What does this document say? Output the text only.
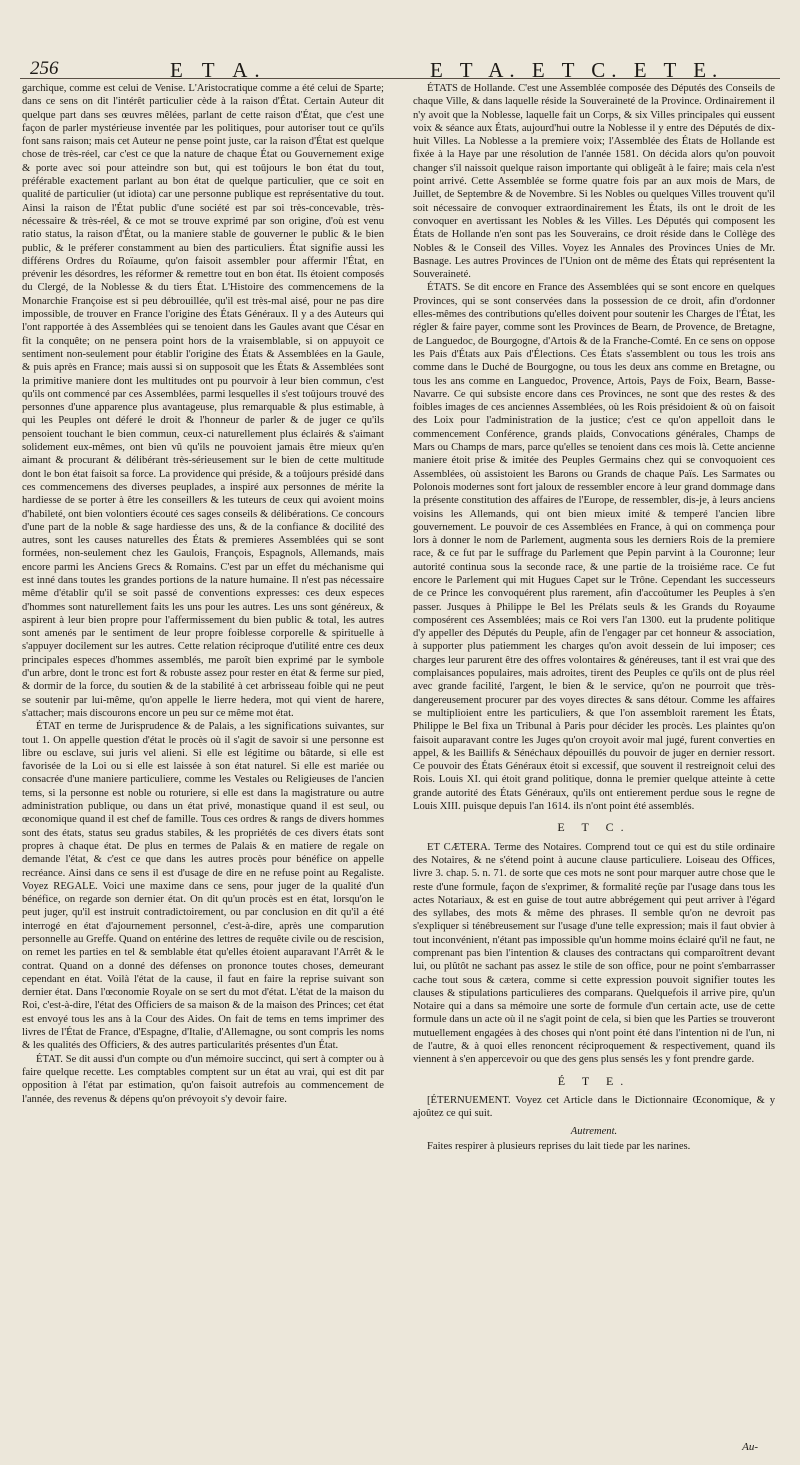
256	E T A.	E T A. E T C. E T E.

garchique, comme est celui de Venise. L'Aristocratique comme a été celui de Sparte; dans ce sens on dit l'intérêt particulier cède à la raison d'État. Certain Auteur dit quelque part dans ses œuvres mêlées, parlant de cette raison d'État, que c'est une façon de parler mystérieuse inventée par les politiques, pour autoriser tout ce qu'ils font sans raison; mais cet Auteur ne pense point juste, car la raison d'État est quelque chose de très-réel, car c'est ce que la nature de chaque État ou Gouvernement exige & porte avec soi pour atteindre son but, qui est toûjours le bon état du tout, préférable exactement parlant au bon état de quelque particulier, que ce soit en qualité de particulier (ut idiota) car une personne publique est représentative du tout. Ainsi la raison de l'État public d'une société est par soi très-concevable, très-nécessaire & très-réel, & ce mot se trouve exprimé par son origine, d'où est venu ratio status, la raison d'État, ou la maniere stable de gouverner le public & le bien public, & le préferer constamment au bien des particuliers. État signifie aussi les différens Ordres du Roïaume, qu'on faisoit assembler pour affermir l'État, en prévenir les désordres, les réformer & remettre tout en bon état. Ils étoient composés du Clergé, de la Noblesse & du tiers État. L'Histoire des commencemens de la Monarchie Françoise est si peu débrouillée, qu'il est très-mal aisé, pour ne pas dire impossible, de trouver en France l'origine des États Généraux. Il y a des Auteurs qui l'ont rapportée à des Assemblées qui se tenoient dans les Gaules avant que César en fit la conquête; on ne pensera point hors de la vraisemblable, si on appuyoit ce sentiment non-seulement pour établir l'origine des États & Assemblées en la Gaule, & puis après en France; mais aussi si on supposoit que les États & Assemblées sont la primitive maniere dont les multitudes ont pu pourvoir à leur bien commun, c'est qu'ils ont commencé par ces Assemblées, parmi lesquelles il s'est toûjours trouvé des personnes d'une apparence plus avantageuse, plus remarquable & plus estimable, à qui les Peuples ont déferé le droit & l'honneur de parler & de juger ce qu'ils pensoient touchant le bien commun, ceux-ci naturellement plus éclairés & s'aimant solidement eux-mêmes, ont bien vû qu'ils ne pouvoient jamais être mieux qu'en aimant & procurant & délibérant très-sérieusement sur le bien de cette multitude dont le bon état faisoit sa force. La providence qui préside, & a toûjours présidé dans ces commencemens des diverses peuplades, a inspiré aux personnes de mérite la hardiesse de se porter à être les conseillers & les tuteurs de ceux qui avoient moins d'habileté, ont bien volontiers écouté ces sages conseils & délibérations. Ce concours d'une part de la noble & sage hardiesse des uns, & de la confiance & docilité des autres, sont les causes naturelles des États & premieres Assemblées qui se sont formées, non-seulement chez les Gaulois, François, Espagnols, Allemands, mais encore parmi les Anciens Grecs & Romains. C'est par un effet du méchanisme qui est inné dans toutes les grandes portions de la nature humaine. Il n'est pas nécessaire même d'établir qu'il se soit passé de conventions expresses: ces deux especes d'hommes sont naturellement faits les uns pour les autres. Les uns sont généreux, & aspirent à leur bien propre pour l'affermissement du bien public & total, les autres sont amenés par le sentiment de leur propre foiblesse corporelle & spirituelle à s'appuyer docilement sur les autres. Cette relation réciproque d'utilité entre ces deux principales especes d'hommes assemblés, me paroît bien exprimé par le symbole d'un arbre, dont le tronc est fort & robuste assez pour rester en état & ferme sur pied, & dormir de la force, du soutien & de la stabilité à cet arbrisseau foible qui ne peut se soutenir par lui-même, qu'on appelle le lierre hedera, mot qui vient de harere, s'attacher; mais discourons encore un peu sur ce même mot état.

ÉTAT en terme de Jurisprudence & de Palais, a les significations suivantes, sur tout 1. On appelle question d'état le procès où il s'agit de savoir si une personne est libre ou esclave, sui juris vel alieni. Si elle est légitime ou bâtarde, si elle est favorisée de la Loi ou si elle est laissée à son état naturel. Si elle est mariée ou consacrée d'une maniere particuliere, comme les Vestales ou Religieuses de l'ancien tems, si la personne est noble ou roturiere, si elle est dans la magistrature ou autre administration publique, ou dans un état privé, monastique quand il est seul, ou œconomique quand il est chef de famille. Tous ces ordres & rangs de divers hommes sont des états, status seu gradus stabiles, & les propriétés de ces divers états sont propres à chaque état. De plus en termes de Palais & en matiere de regale on demande l'état, & c'est ce que dans les autres procès pour bénéfice on appelle recréance. Ainsi dans ce sens il est d'usage de dire en ne refuse point au Regaliste. Voyez REGALE. Voici une maxime dans ce sens, pour juger de la qualité d'un bénéfice, on regarde son dernier état. On dit qu'un procès est en état, lorsqu'on le peut juger, qu'il est instruit contradictoirement, ou par conclusion en dit qu'il a été interrogé en état d'ajournement personnel, c'est-à-dire, après une comparution personnelle au Greffe. Quand on entérine des lettres de requête civile ou de rescision, on remet les parties en tel & semblable état qu'elles étoient auparavant l'Arrêt & le contrat. Quand on a donné des défenses on prononce toutes choses, demeurant cependant en état. Voilà l'état de la cause, il faut en faire la reprise suivant son dernier état. Dans l'œconomie Royale on se sert du mot d'état. L'état de la maison du Roi, c'est-à-dire, l'état des Officiers de sa maison & de la maison des Princes; cet état est envoyé tous les ans à la Cour des Aides. On fait de tems en tems imprimer des livres de l'État de France, d'Espagne, d'Italie, d'Allemagne, ou sont compris les noms & les qualités des Officiers, & des autres particularités présentes d'un État.

ÉTAT. Se dit aussi d'un compte ou d'un mémoire succinct, qui sert à compter ou à faire quelque recette. Les comptables comptent sur un état au vrai, qui est dit par opposition à l'état par estimation, qu'on faisoit autrefois au commencement de l'année, des revenus & dépens qu'on prévoyoit s'y devoir faire.

ÉTATS de Hollande. C'est une Assemblée composée des Députés des Conseils de chaque Ville, & dans laquelle réside la Souveraineté de la Province. Ordinairement il n'y avoit que la Noblesse, laquelle fait un Corps, & six Villes principales qui eussent voix & séance aux États, aujourd'hui outre la Noblesse il y entre des Députés de dix-huit Villes. La Noblesse a la premiere voix; l'Assemblée des États de Hollande est fixée à la Haye par une résolution de l'année 1581. On décida alors qu'on pouvoit changer s'il naissoit quelque raison importante qui obligeât à le faire; mais cela n'est point arrivé. Cette Assemblée se forme quatre fois par an aux mois de Mars, de Juillet, de Septembre & de Novembre. Si les Nobles ou quelques Villes trouvent qu'il soit nécessaire de convoquer extraordinairement les États, ils ont le droit de les convoquer en avertissant les Nobles & les Villes. Les Députés qui composent les États de Hollande n'en sont pas les Souverains, ce droit réside dans le Collège des Nobles & le Conseil des Villes. Voyez les Annales des Provinces Unies de Mr. Basnage. Les autres Provinces de l'Union ont de même des États qui représentent la Souveraineté.

ÉTATS. Se dit encore en France des Assemblées qui se sont encore en quelques Provinces, qui se sont conservées dans la possession de ce droit, afin d'ordonner elles-mêmes des contributions qu'elles doivent pour soutenir les Charges de l'État, les régler & faire payer, comme sont les Provinces de Bearn, de Provence, de Bretagne, de Languedoc, de Bourgogne, d'Artois & de la Franche-Comté. En ce sens on oppose les Pais d'États aux Pais d'Élections. Ces États s'assemblent ou tous les trois ans comme dans le Duché de Bourgogne, ou tous les deux ans comme en Bretagne, ou tous les ans comme en Languedoc, Provence, Artois, Pays de Foix, Bearn, Basse-Navarre. Ce qui subsiste encore dans ces Provinces, ne sont que des restes & des foibles images de ces anciennes Assemblées, où les Rois présidoient & où on faisoit des Loix pour l'administration de la justice; c'est ce qu'on appelloit dans le commencement Conférence, grands plaids, Convocations générales, Champs de Mars ou Champs de mars, parce qu'elles se tenoient dans ces mois là. Cette ancienne maniere étoit prise & imitée des Peuples Germains chez qui se convoquoient ces Assemblées, où assistoient les Barons ou Grands de chaque Païs. Les Sarmates ou Polonois modernes sont fort jaloux de ressembler encore à leur grand dommage dans la présente constitution des affaires de l'Europe, de ressembler, dis-je, à leurs anciens voisins les Allemands, qui ont bien mieux imité & temperé l'ancien libre gouvernement. Le pouvoir de ces Assemblées en France, à qui on commença pour lors à donner le nom de Parlement, augmenta sous les derniers Rois de la premiere race, & ce fut par le suffrage du Parlement que Pepin parvint à la Couronne; leur autorité continua sous la seconde race, & une partie de la troisiéme race. Ce fut encore le Parlement qui mit Hugues Capet sur le Trône. Cependant les successeurs de ce Prince les convoquérent plus rarement, afin d'accoûtumer les Peuples à s'en passer. Jusques à Philippe le Bel les Prélats seuls & les Grands du Royaume composérent ces Assemblées; mais ce Roi vers l'an 1300. eut la prudente politique d'y appeller des Députés du Peuple, afin de l'engager par cet honneur & association, à supporter plus patiemment les charges qu'on avoit dessein de lui imposer; ces charges leur parurent être des offres volontaires & généreuses, tant il est vrai que des complaisances populaires, mais adroites, tirent des Peuples ce qu'ils ont de plus réel avec grande facilité, l'argent, le bien & le service, qu'on ne pourroit que très-dangereusement procurer par des voyes directes & sans détour. Comme les affaires se multiplioient entre les particuliers, & que l'on assembloit rarement les États, Philippe le Bel fixa un Tribunal à Paris pour décider les procès. Les plaintes qu'on faisoit auparavant contre les Juges qu'on croyoit avoir mal jugé, furent converties en appel, & les Baillifs & Sénéchaux dépouillés du pouvoir de juger en dernier ressort. Ce pouvoir des États Généraux étoit si excessif, que souvent il restreignoit celui des Rois. Louis XI. qui étoit grand politique, donna le premier quelque atteinte à cette grande autorité des États Généraux, qu'ils ont entierement perdue sous le regne de Louis XIII. puisque depuis l'an 1614. ils n'ont point été assemblés.

E T C.

ET CÆTERA. Terme des Notaires. Comprend tout ce qui est du stile ordinaire des Notaires, & ne s'étend point à aucune clause particuliere. Loiseau des Offices, livre 3. chap. 5. n. 71. de sorte que ces mots ne sont pour marquer autre chose que le reste d'une formule, façon de s'exprimer, & formalité reçûe par l'usage dans tous les actes Notariaux, & est en guise de tout autre abbrégement qui peut arriver à l'égard des syllabes, des mots & même des phrases. Il semble qu'on ne devroit pas s'expliquer si ténébreusement sur l'usage d'une telle expression; mais il faut obvier à tout inconvénient, n'étant pas impossible qu'un homme moins éclairé qu'il ne faut, ne comprenant pas bien l'intention & clauses des contractans qui comparoîtrent devant lui, ou plûtôt ne sachant pas assez le stile de son office, pour ne point s'embarrasser cache tout sous & cætera, comme si cette expression pouvoit signifier toutes les clauses & stipulations particulieres des comparans. Quelquefois il arrive pire, qu'un Notaire qui a dans sa mémoire une sorte de formule d'un certain acte, use de cette formule dans un acte où il ne s'agit point de cela, si bien que les Parties se trouveront mutuellement engagées à des choses qui n'ont point été dans l'intention ni de l'un, ni de l'autre, & à quoi elles renoncent réciproquement & respectivement, quand ils viennent à s'en appercevoir ou que des gens plus sensés les y font prendre garde.

É T E.

[ÉTERNUEMENT. Voyez cet Article dans le Dictionnaire Œconomique, & y ajoûtez ce qui suit.

Autrement.

Faites respirer à plusieurs reprises du lait tiede par les narines.

Au-
